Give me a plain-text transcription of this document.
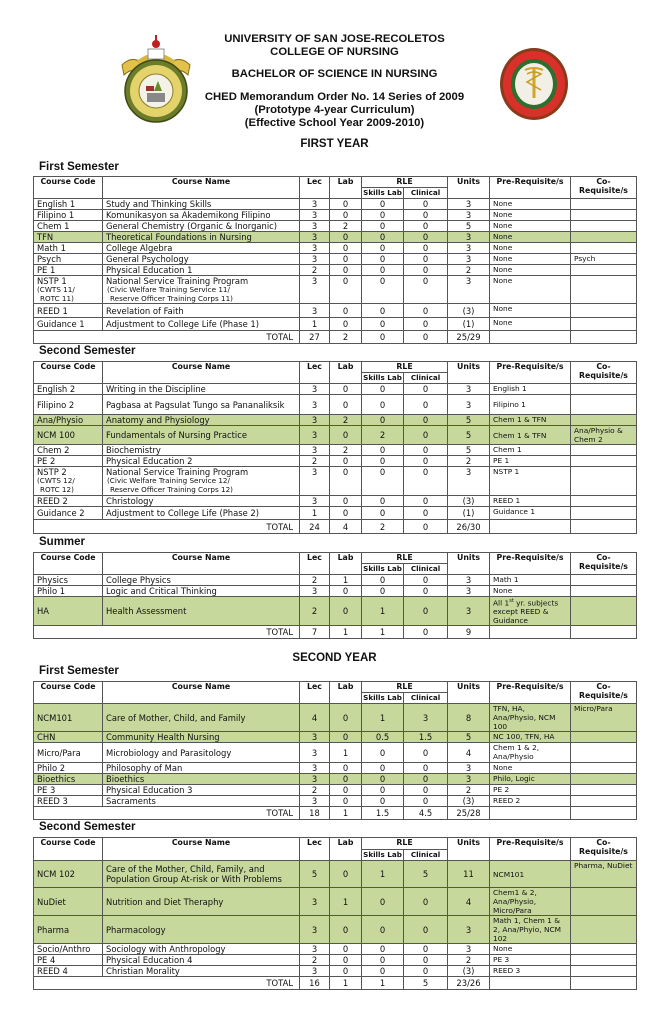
UNIVERSITY OF SAN JOSE-RECOLETOS
COLLEGE OF NURSING
BACHELOR OF SCIENCE IN NURSING
CHED Memorandum Order No. 14 Series of 2009
(Prototype 4-year Curriculum)
(Effective School Year 2009-2010)
FIRST YEAR
First Semester
Course Code	Course Name	Lec	Lab	RLE		Units	Pre-Requisite/s	Co-Requisite/s
				Skills Lab	Clinical			
English 1	Study and Thinking Skills	3	0	0	0	3	None	
Filipino 1	Komunikasyon sa Akademikong Filipino	3	0	0	0	3	None	
Chem 1	General Chemistry (Organic & Inorganic)	3	2	0	0	5	None	
TFN	Theoretical Foundations in Nursing	3	0	0	0	3	None	
Math 1	College Algebra	3	0	0	0	3	None	
Psych	General Psychology	3	0	0	0	3	None	Psych
PE 1	Physical Education 1	2	0	0	0	2	None	
NSTP 1
(CWTS 11/
ROTC 11)	National Service Training Program
(Civic Welfare Training Service 11/
Reserve Officer Training Corps 11)	3	0	0	0	3	None	
REED 1	Revelation of Faith	3	0	0	0	(3)	None	
Guidance 1	Adjustment to College Life (Phase 1)	1	0	0	0	(1)	None	
TOTAL		27	2	0	0	25/29		
Second Semester
Course Code	Course Name	Lec	Lab	RLE		Units	Pre-Requisite/s	Co-Requisite/s
				Skills Lab	Clinical			
English 2	Writing in the Discipline	3	0	0	0	3	English 1	
Filipino 2	Pagbasa at Pagsulat Tungo sa Pananaliksik	3	0	0	0	3	Filipino 1	
Ana/Physio	Anatomy and Physiology	3	2	0	0	5	Chem 1 & TFN	
NCM 100	Fundamentals of Nursing Practice	3	0	2	0	5	Chem 1 & TFN	Ana/Physio & Chem 2
Chem 2	Biochemistry	3	2	0	0	5	Chem 1	
PE 2	Physical Education 2	2	0	0	0	2	PE 1	
NSTP 2
(CWTS 12/
ROTC 12)	National Service Training Program
(Civic Welfare Training Service 12/
Reserve Officer Training Corps 12)	3	0	0	0	3	NSTP 1	
REED 2	Christology	3	0	0	0	(3)	REED 1	
Guidance 2	Adjustment to College Life (Phase 2)	1	0	0	0	(1)	Guidance 1	
TOTAL		24	4	2	0	26/30		
Summer
Course Code	Course Name	Lec	Lab	RLE		Units	Pre-Requisite/s	Co-Requisite/s
				Skills Lab	Clinical			
Physics	College Physics	2	1	0	0	3	Math 1	
Philo 1	Logic and Critical Thinking	3	0	0	0	3	None	
HA	Health Assessment	2	0	1	0	3	All 1st yr. subjects except REED & Guidance	
TOTAL		7	1	1	0	9		
First Semester
Course Code	Course Name	Lec	Lab	RLE		Units	Pre-Requisite/s	Co-Requisite/s
				Skills Lab	Clinical			
NCM101	Care of Mother, Child, and Family	4	0	1	3	8	TFN, HA, Ana/Physio, NCM 100	Micro/Para
CHN	Community Health Nursing	3	0	0.5	1.5	5	NC 100, TFN, HA	
Micro/Para	Microbiology and Parasitology	3	1	0	0	4	Chem 1 & 2, Ana/Physio	
Philo 2	Philosophy of Man	3	0	0	0	3	None	
Bioethics	Bioethics	3	0	0	0	3	Philo, Logic	
PE 3	Physical Education 3	2	0	0	0	2	PE 2	
REED 3	Sacraments	3	0	0	0	(3)	REED 2	
TOTAL		18	1	1.5	4.5	25/28		
Second Semester
Course Code	Course Name	Lec	Lab	RLE		Units	Pre-Requisite/s	Co-Requisite/s
				Skills Lab	Clinical			
NCM 102	Care of the Mother, Child, Family, and Population Group At-risk or With Problems	5	0	1	5	11	NCM101	Pharma, NuDiet
NuDiet	Nutrition and Diet Theraphy	3	1	0	0	4	Chem1 & 2, Ana/Physio, Micro/Para	
Pharma	Pharmacology	3	0	0	0	3	Math 1, Chem 1 & 2, Ana/Phyio, NCM 102	
Socio/Anthro	Sociology with Anthropology	3	0	0	0	3	None	
PE 4	Physical Education 4	2	0	0	0	2	PE 3	
REED 4	Christian Morality	3	0	0	0	(3)	REED 3	
TOTAL		16	1	1	5	23/26		
SECOND YEAR
